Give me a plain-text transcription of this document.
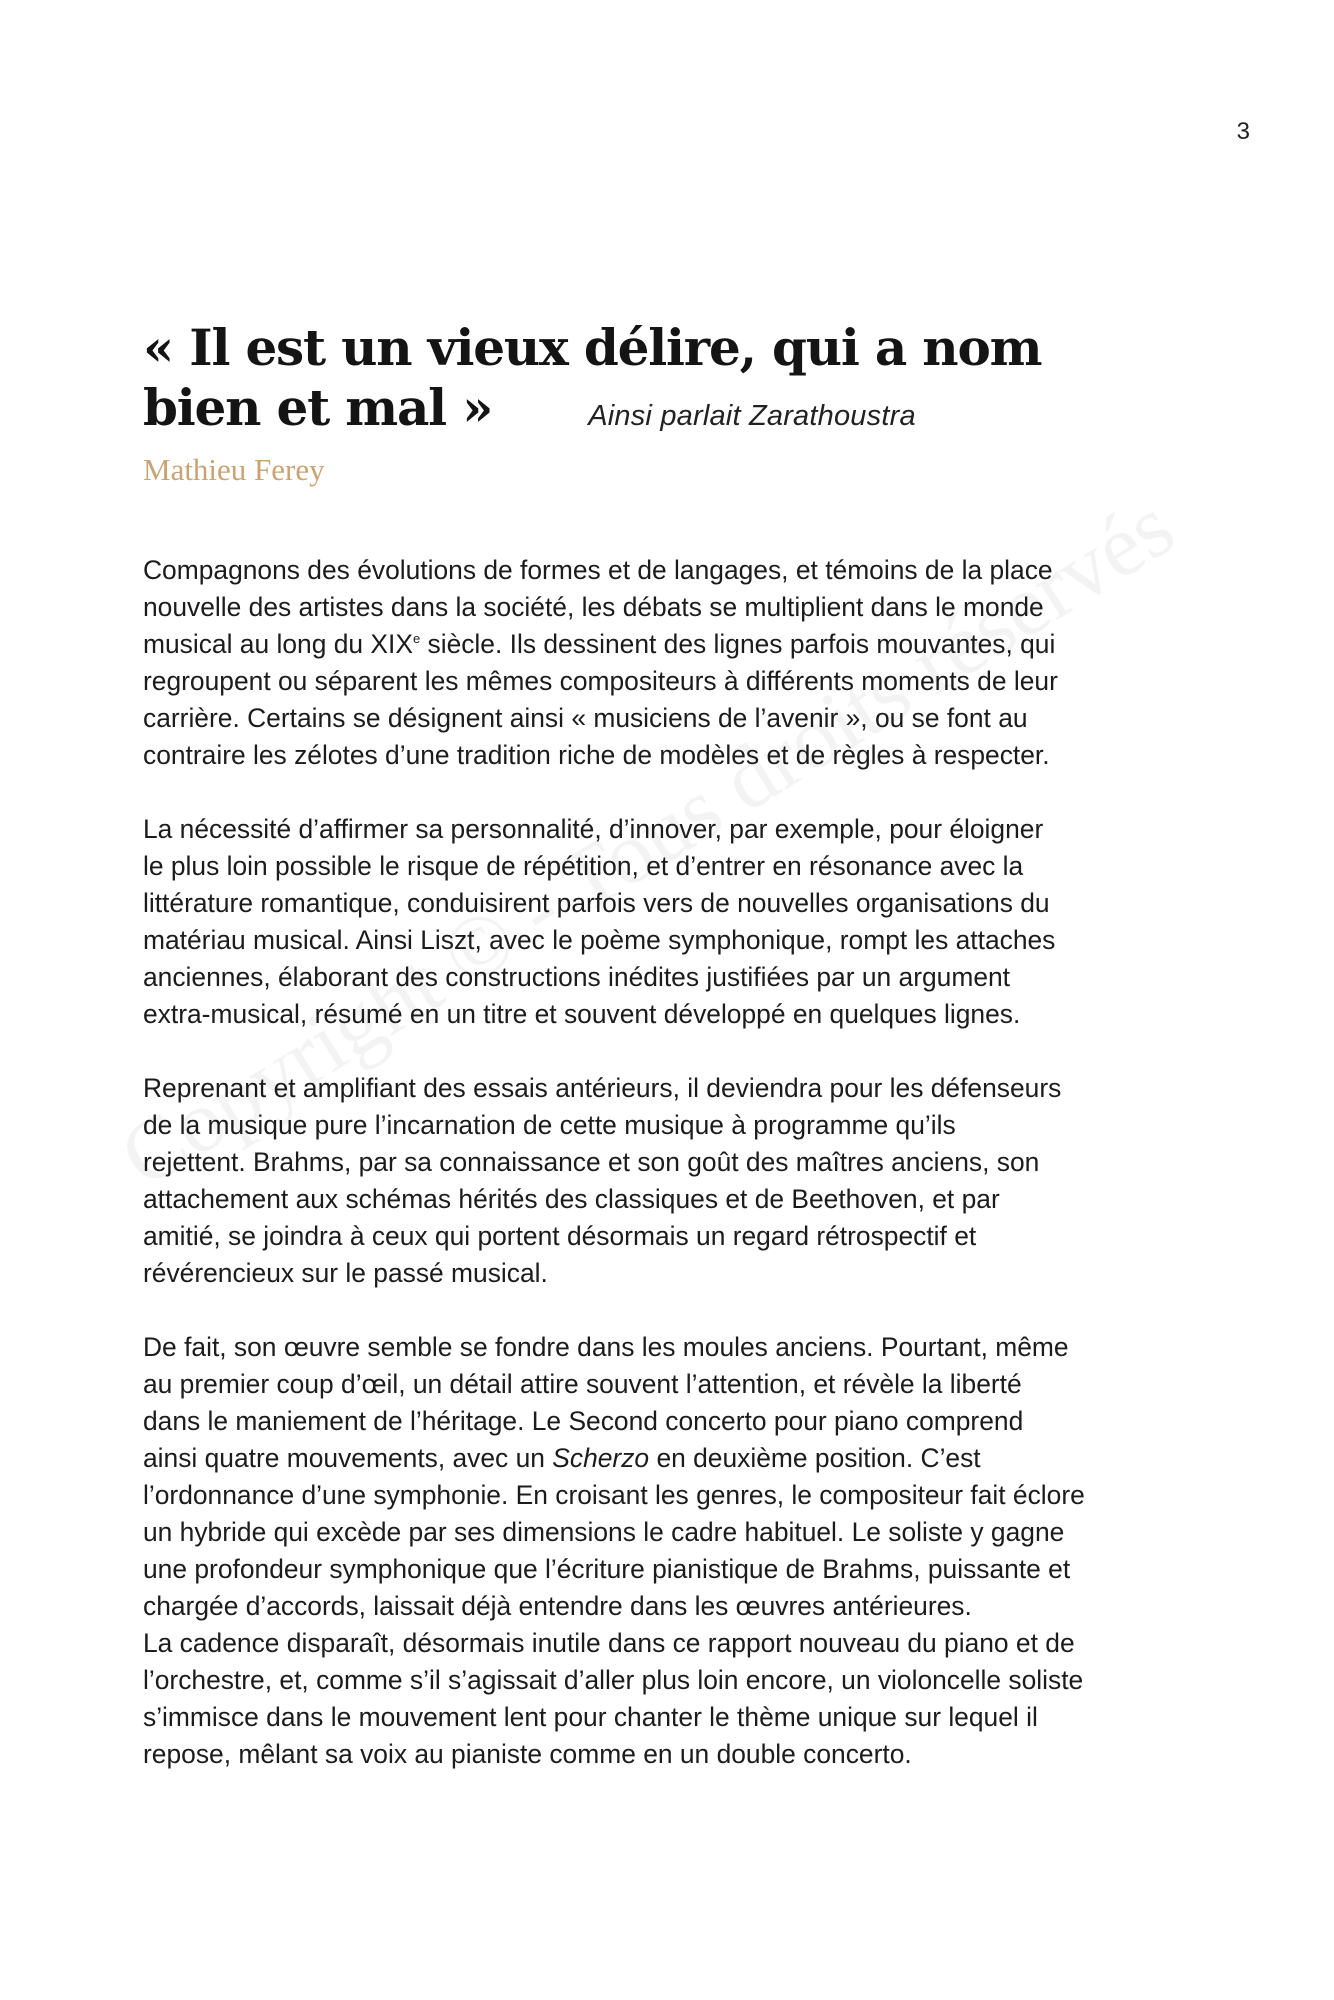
3
« Il est un vieux délire, qui a nom
bien et mal »	Ainsi parlait Zarathoustra
Mathieu Ferey

Compagnons des évolutions de formes et de langages, et témoins de la place
nouvelle des artistes dans la société, les débats se multiplient dans le monde
musical au long du XIXe siècle. Ils dessinent des lignes parfois mouvantes, qui
regroupent ou séparent les mêmes compositeurs à différents moments de leur
carrière. Certains se désignent ainsi « musiciens de l’avenir », ou se font au
contraire les zélotes d’une tradition riche de modèles et de règles à respecter.

La nécessité d’affirmer sa personnalité, d’innover, par exemple, pour éloigner
le plus loin possible le risque de répétition, et d’entrer en résonance avec la
littérature romantique, conduisirent parfois vers de nouvelles organisations du
matériau musical. Ainsi Liszt, avec le poème symphonique, rompt les attaches
anciennes, élaborant des constructions inédites justifiées par un argument
extra-musical, résumé en un titre et souvent développé en quelques lignes.

Reprenant et amplifiant des essais antérieurs, il deviendra pour les défenseurs
de la musique pure l’incarnation de cette musique à programme qu’ils
rejettent. Brahms, par sa connaissance et son goût des maîtres anciens, son
attachement aux schémas hérités des classiques et de Beethoven, et par
amitié, se joindra à ceux qui portent désormais un regard rétrospectif et
révérencieux sur le passé musical.

De fait, son œuvre semble se fondre dans les moules anciens. Pourtant, même
au premier coup d’œil, un détail attire souvent l’attention, et révèle la liberté
dans le maniement de l’héritage. Le Second concerto pour piano comprend
ainsi quatre mouvements, avec un Scherzo en deuxième position. C’est
l’ordonnance d’une symphonie. En croisant les genres, le compositeur fait éclore
un hybride qui excède par ses dimensions le cadre habituel. Le soliste y gagne
une profondeur symphonique que l’écriture pianistique de Brahms, puissante et
chargée d’accords, laissait déjà entendre dans les œuvres antérieures.

La cadence disparaît, désormais inutile dans ce rapport nouveau du piano et de
l’orchestre, et, comme s’il s’agissait d’aller plus loin encore, un violoncelle soliste
s’immisce dans le mouvement lent pour chanter le thème unique sur lequel il
repose, mêlant sa voix au pianiste comme en un double concerto.
